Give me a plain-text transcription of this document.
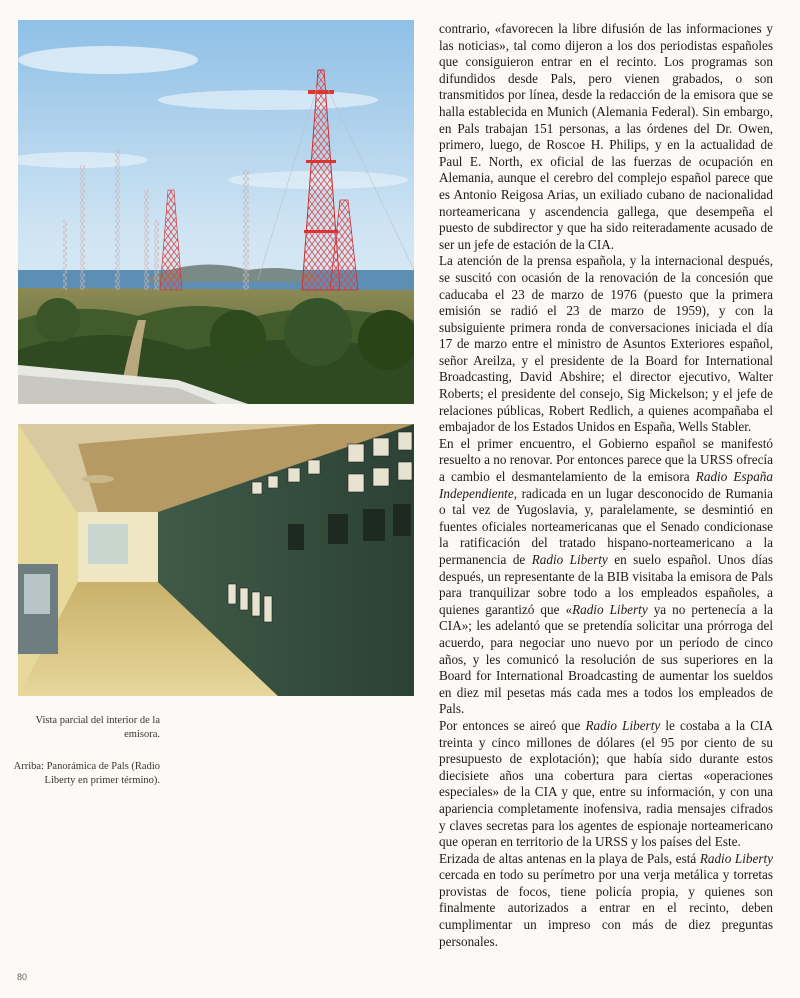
Vista parcial del interior de la emisora.
Arriba: Panorámica de Pals (Radio Liberty en primer término).

contrario, «favorecen la libre difusión de las informaciones y las noticias», tal como dijeron a los dos periodistas españoles que consiguieron entrar en el recinto. Los programas son difundidos desde Pals, pero vienen grabados, o son transmitidos por línea, desde la redacción de la emisora que se halla establecida en Munich (Alemania Federal). Sin embargo, en Pals trabajan 151 personas, a las órdenes del Dr. Owen, primero, luego, de Roscoe H. Philips, y en la actualidad de Paul E. North, ex oficial de las fuerzas de ocupación en Alemania, aunque el cerebro del complejo español parece que es Antonio Reigosa Arias, un exiliado cubano de nacionalidad norteamericana y ascendencia gallega, que desempeña el puesto de subdirector y que ha sido reiteradamente acusado de ser un jefe de estación de la CIA.

La atención de la prensa española, y la internacional después, se suscitó con ocasión de la renovación de la concesión que caducaba el 23 de marzo de 1976 (puesto que la primera emisión se radió el 23 de marzo de 1959), y con la subsiguiente primera ronda de conversaciones iniciada el día 17 de marzo entre el ministro de Asuntos Exteriores español, señor Areilza, y el presidente de la Board for International Broadcasting, David Abshire; el director ejecutivo, Walter Roberts; el presidente del consejo, Sig Mickelson; y el jefe de relaciones públicas, Robert Redlich, a quienes acompañaba el embajador de los Estados Unidos en España, Wells Stabler.

En el primer encuentro, el Gobierno español se manifestó resuelto a no renovar. Por entonces parece que la URSS ofrecía a cambio el desmantelamiento de la emisora Radio España Independiente, radicada en un lugar desconocido de Rumania o tal vez de Yugoslavia, y, paralelamente, se desmintió en fuentes oficiales norteamericanas que el Senado condicionase la ratificación del tratado hispano-norteamericano a la permanencia de Radio Liberty en suelo español. Unos días después, un representante de la BIB visitaba la emisora de Pals para tranquilizar sobre todo a los empleados españoles, a quienes garantizó que «Radio Liberty ya no pertenecía a la CIA»; les adelantó que se pretendía solicitar una prórroga del acuerdo, para negociar uno nuevo por un período de cinco años, y les comunicó la resolución de sus superiores en la Board for International Broadcasting de aumentar los sueldos en diez mil pesetas más cada mes a todos los empleados de Pals.

Por entonces se aireó que Radio Liberty le costaba a la CIA treinta y cinco millones de dólares (el 95 por ciento de su presupuesto de explotación); que había sido durante estos diecisiete años una cobertura para ciertas «operaciones especiales» de la CIA y que, entre su información, y con una apariencia completamente inofensiva, radia mensajes cifrados y claves secretas para los agentes de espionaje norteamericano que operan en territorio de la URSS y los países del Este.

Erizada de altas antenas en la playa de Pals, está Radio Liberty cercada en todo su perímetro por una verja metálica y torretas provistas de focos, tiene policía propia, y quienes son finalmente autorizados a entrar en el recinto, deben cumplimentar un impreso con más de diez preguntas personales.

80
